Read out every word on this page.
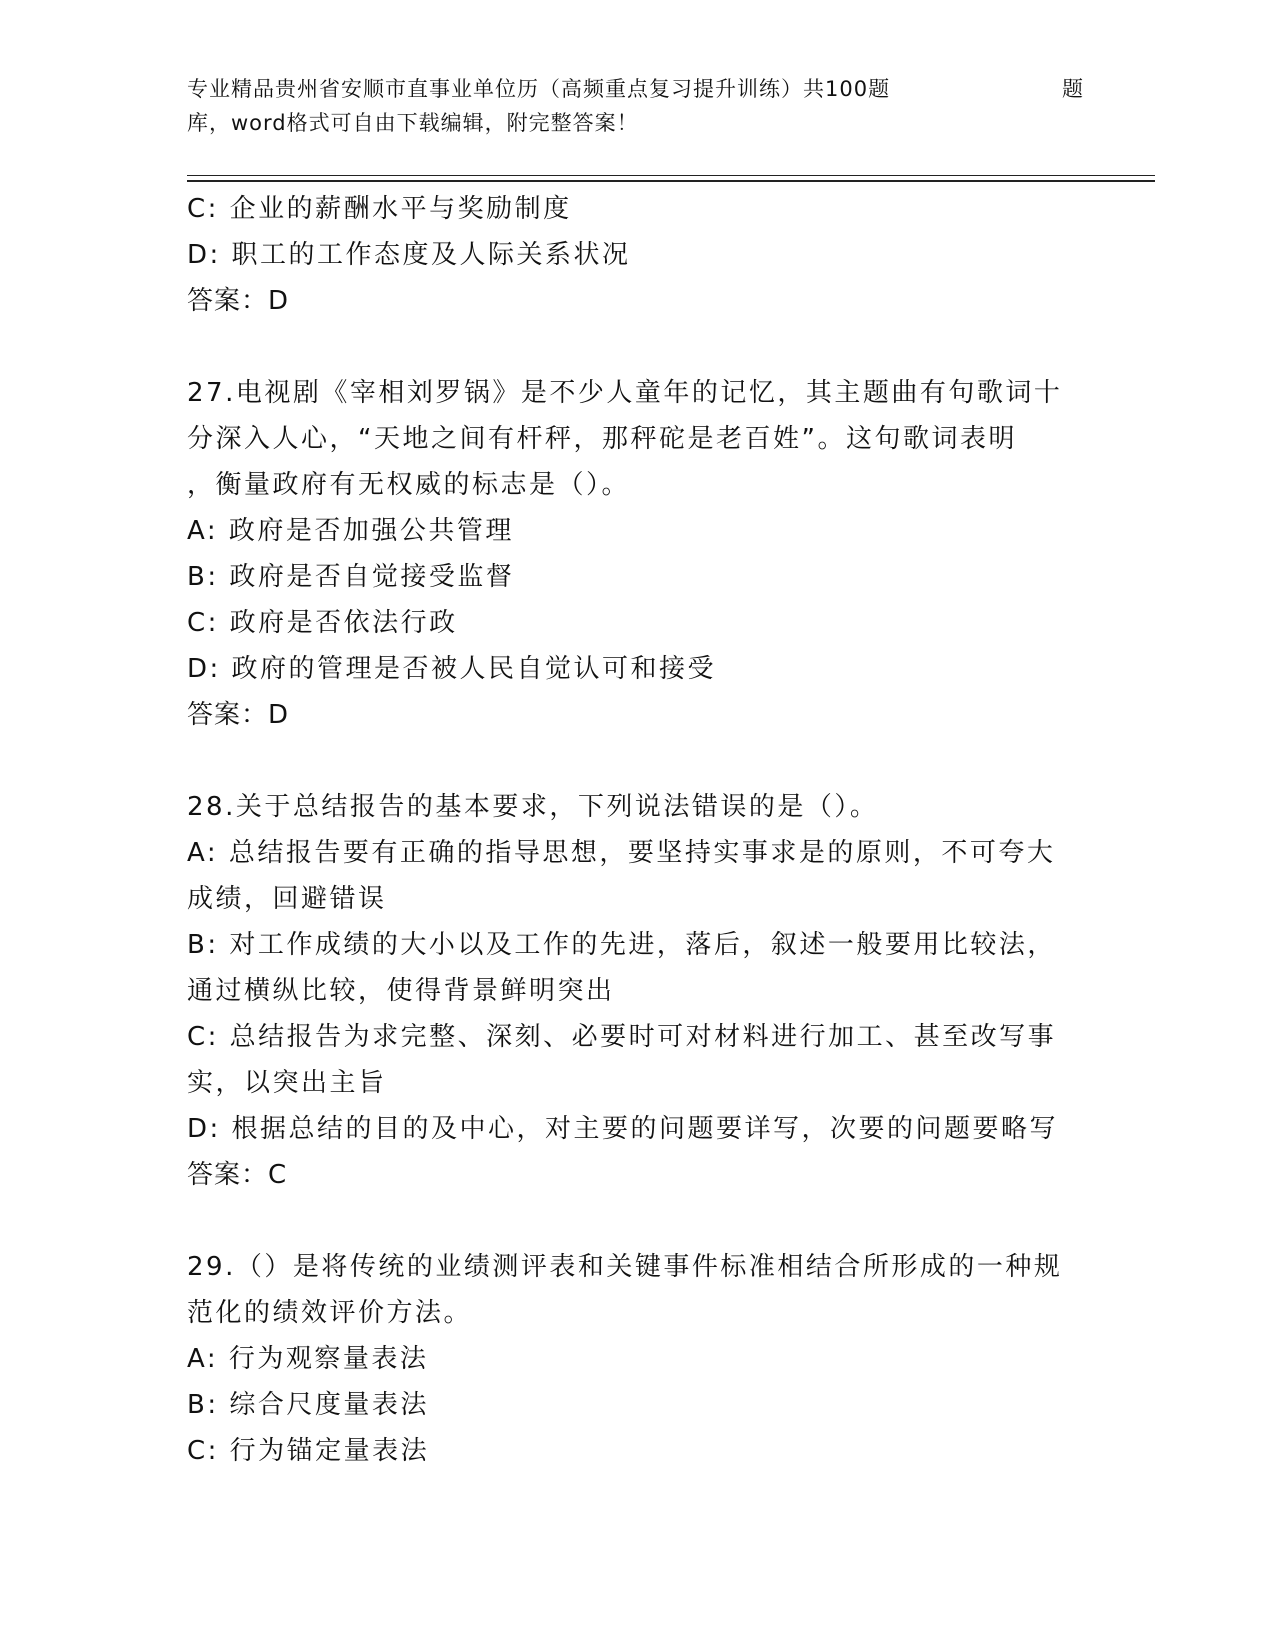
专业精品贵州省安顺市直事业单位历（高频重点复习提升训练）共100题	题
库，word格式可自由下载编辑，附完整答案！
C: 企业的薪酬水平与奖励制度
D: 职工的工作态度及人际关系状况
答案：D
27.电视剧《宰相刘罗锅》是不少人童年的记忆，其主题曲有句歌词十
分深入人心，“天地之间有杆秤，那秤砣是老百姓”。这句歌词表明
，衡量政府有无权威的标志是（）。
A: 政府是否加强公共管理
B: 政府是否自觉接受监督
C: 政府是否依法行政
D: 政府的管理是否被人民自觉认可和接受
答案：D
28.关于总结报告的基本要求，下列说法错误的是（）。
A: 总结报告要有正确的指导思想，要坚持实事求是的原则，不可夸大
成绩，回避错误
B: 对工作成绩的大小以及工作的先进，落后，叙述一般要用比较法，
通过横纵比较，使得背景鲜明突出
C: 总结报告为求完整、深刻、必要时可对材料进行加工、甚至改写事
实，以突出主旨
D: 根据总结的目的及中心，对主要的问题要详写，次要的问题要略写
答案：C
29.（）是将传统的业绩测评表和关键事件标准相结合所形成的一种规
范化的绩效评价方法。
A: 行为观察量表法
B: 综合尺度量表法
C: 行为锚定量表法
